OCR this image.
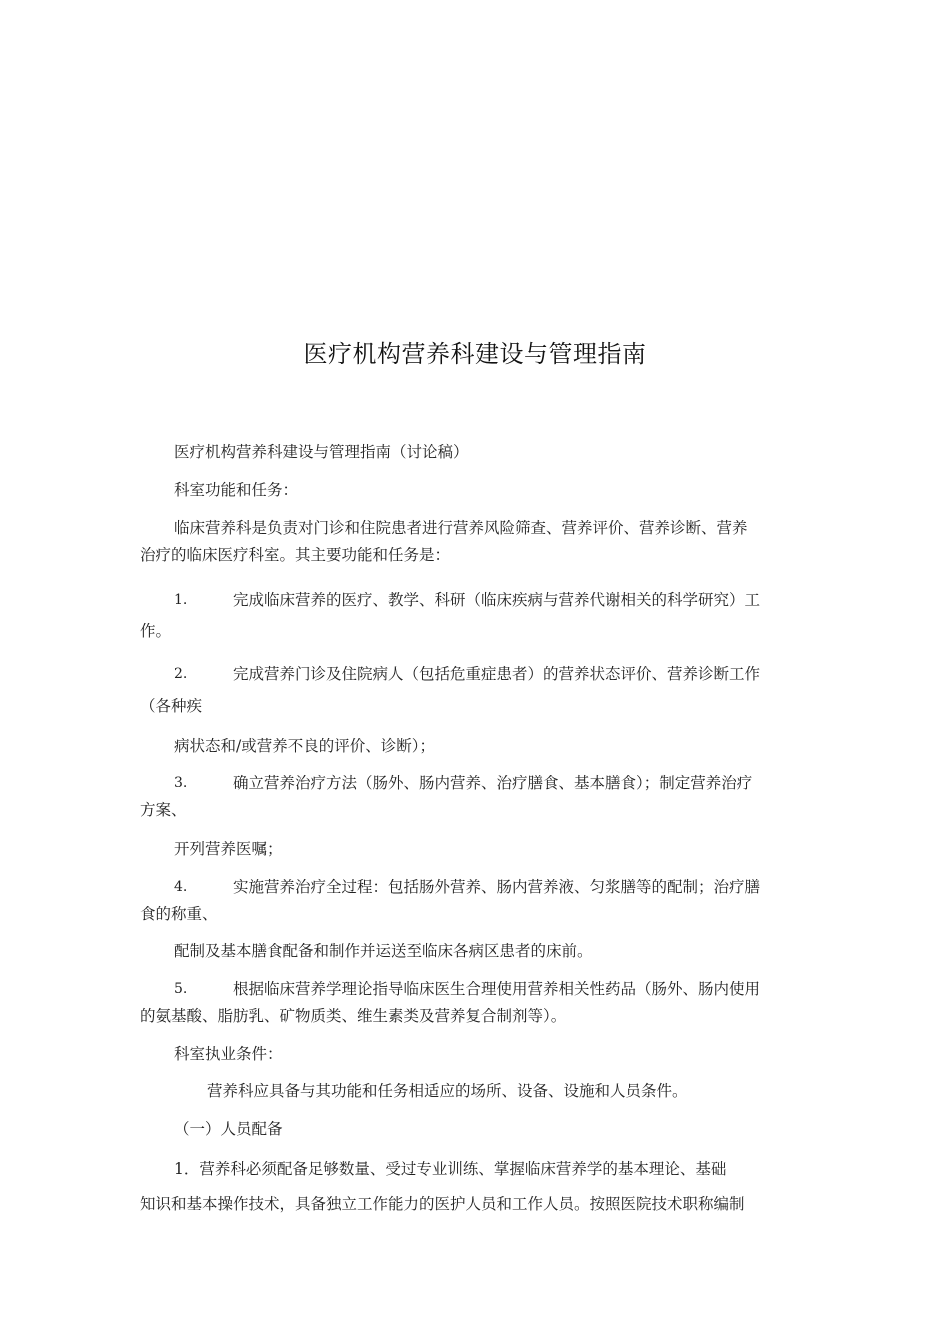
医疗机构营养科建设与管理指南
医疗机构营养科建设与管理指南（讨论稿）
科室功能和任务：
临床营养科是负责对门诊和住院患者进行营养风险筛查、营养评价、营养诊断、营养
治疗的临床医疗科室。其主要功能和任务是：
1.	完成临床营养的医疗、教学、科研（临床疾病与营养代谢相关的科学研究）工
作。
2.	完成营养门诊及住院病人（包括危重症患者）的营养状态评价、营养诊断工作
（各种疾
病状态和/或营养不良的评价、诊断）；
3.	确立营养治疗方法（肠外、肠内营养、治疗膳食、基本膳食）；制定营养治疗
方案、
开列营养医嘱；
4.	实施营养治疗全过程：包括肠外营养、肠内营养液、匀浆膳等的配制；治疗膳
食的称重、
配制及基本膳食配备和制作并运送至临床各病区患者的床前。
5.	根据临床营养学理论指导临床医生合理使用营养相关性药品（肠外、肠内使用
的氨基酸、脂肪乳、矿物质类、维生素类及营养复合制剂等）。
科室执业条件：
营养科应具备与其功能和任务相适应的场所、设备、设施和人员条件。
（一）人员配备
1．营养科必须配备足够数量、受过专业训练、掌握临床营养学的基本理论、基础
知识和基本操作技术，具备独立工作能力的医护人员和工作人员。按照医院技术职称编制
